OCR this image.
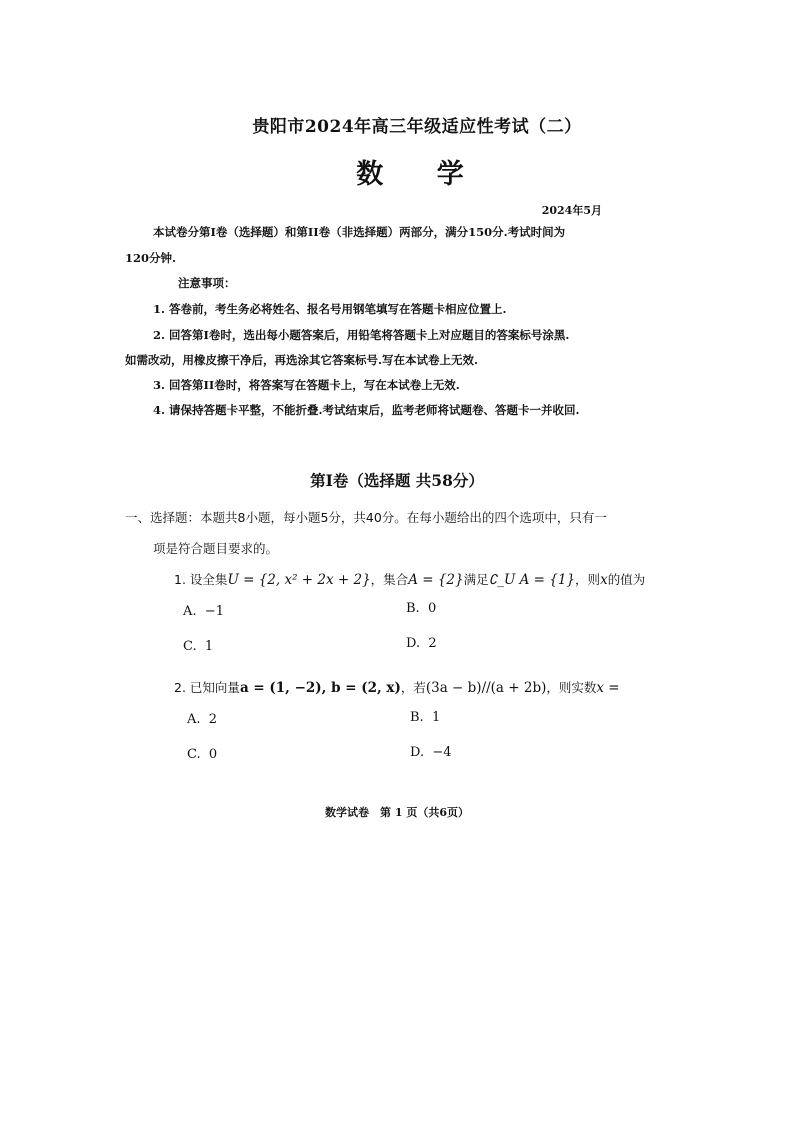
贵阳市2024年高三年级适应性考试（二）
数 学
2024年5月
本试卷分第I卷（选择题）和第II卷（非选择题）两部分，满分150分.考试时间为
120分钟.
注意事项：
1. 答卷前，考生务必将姓名、报名号用钢笔填写在答题卡相应位置上.
2. 回答第I卷时，选出每小题答案后，用铅笔将答题卡上对应题目的答案标号涂黑.
如需改动，用橡皮擦干净后，再选涂其它答案标号.写在本试卷上无效.
3. 回答第II卷时，将答案写在答题卡上，写在本试卷上无效.
4. 请保持答题卡平整，不能折叠.考试结束后，监考老师将试题卷、答题卡一并收回.
第I卷（选择题 共58分）
一、选择题：本题共8小题，每小题5分，共40分。在每小题给出的四个选项中，只有一
项是符合题目要求的。
1. 设全集U = {2, x² + 2x + 2}，集合A = {2}满足∁_U A = {1}，则x的值为
A. −1	B. 0
C. 1	D. 2
2. 已知向量a = (1, −2), b = (2, x)，若(3a − b)//(a + 2b)，则实数x =
A. 2	B. 1
C. 0	D. −4
数学试卷　第 1 页（共6页）
